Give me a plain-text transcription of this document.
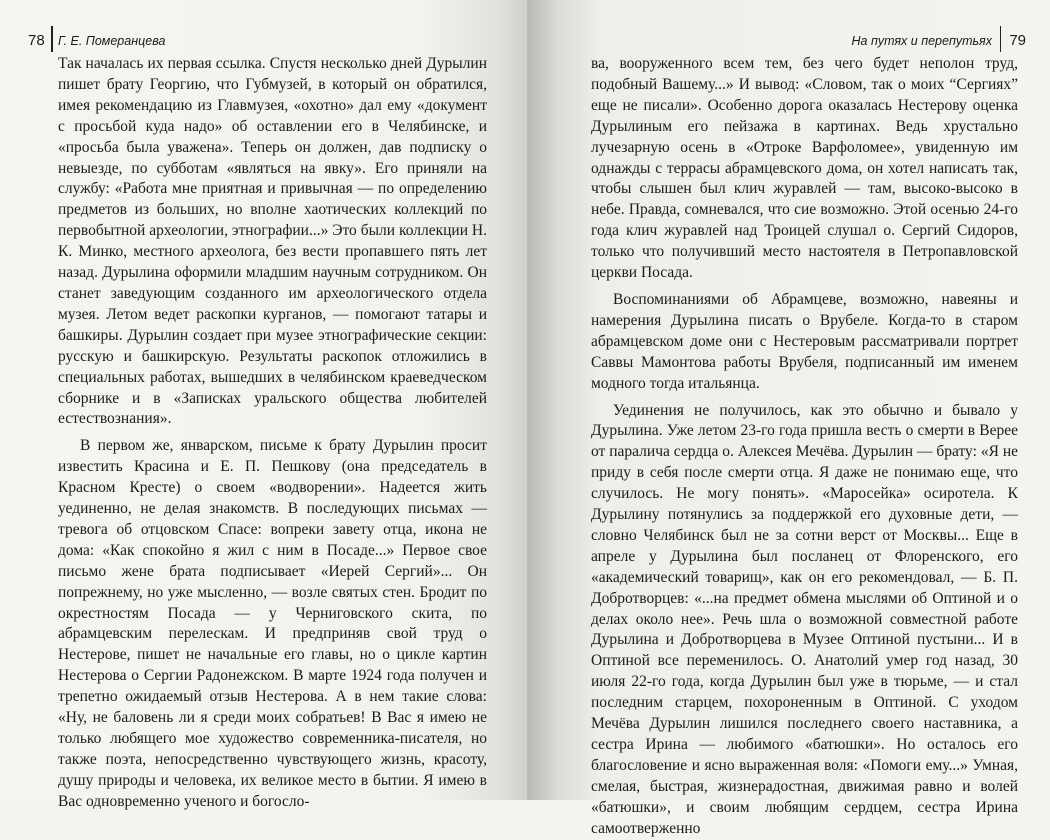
78 Г. Е. Померанцева

Так началась их первая ссылка. Спустя несколько дней Дурылин пишет брату Георгию, что Губмузей, в который он обратился, имея рекомендацию из Главмузея, «охотно» дал ему «документ с просьбой куда надо» об оставлении его в Челябинске, и «просьба была уважена». Теперь он должен, дав подписку о невыезде, по субботам «являться на явку». Его приняли на службу: «Работа мне приятная и привычная — по определению предметов из больших, но вполне хаотических коллекций по первобытной археологии, этнографии...» Это были коллекции Н. К. Минко, местного археолога, без вести пропавшего пять лет назад. Дурылина оформили младшим научным сотрудником. Он станет заведующим созданного им археологического отдела музея. Летом ведет раскопки курганов, — помогают татары и башкиры. Дурылин создает при музее этнографические секции: русскую и башкирскую. Результаты раскопок отложились в специальных работах, вышедших в челябинском краеведческом сборнике и в «Записках уральского общества любителей естествознания».

В первом же, январском, письме к брату Дурылин просит известить Красина и Е. П. Пешкову (она председатель в Красном Кресте) о своем «водворении». Надеется жить уединенно, не делая знакомств. В последующих письмах — тревога об отцовском Спасе: вопреки завету отца, икона не дома: «Как спокойно я жил с ним в Посаде...» Первое свое письмо жене брата подписывает «Иерей Сергий»... Он попрежнему, но уже мысленно, — возле святых стен. Бродит по окрестностям Посада — у Черниговского скита, по абрамцевским перелескам. И предприняв свой труд о Нестерове, пишет не начальные его главы, но о цикле картин Нестерова о Сергии Радонежском. В марте 1924 года получен и трепетно ожидаемый отзыв Нестерова. А в нем такие слова: «Ну, не баловень ли я среди моих собратьев! В Вас я имею не только любящего мое художество современника-писателя, но также поэта, непосредственно чувствующего жизнь, красоту, душу природы и человека, их великое место в бытии. Я имею в Вас одновременно ученого и богосло-

На путях и перепутьях 79

ва, вооруженного всем тем, без чего будет неполон труд, подобный Вашему...» И вывод: «Словом, так о моих “Сергиях” еще не писали». Особенно дорога оказалась Нестерову оценка Дурылиным его пейзажа в картинах. Ведь хрустально лучезарную осень в «Отроке Варфоломее», увиденную им однажды с террасы абрамцевского дома, он хотел написать так, чтобы слышен был клич журавлей — там, высоко-высоко в небе. Правда, сомневался, что сие возможно. Этой осенью 24-го года клич журавлей над Троицей слушал о. Сергий Сидоров, только что получивший место настоятеля в Петропавловской церкви Посада.

Воспоминаниями об Абрамцеве, возможно, навеяны и намерения Дурылина писать о Врубеле. Когда-то в старом абрамцевском доме они с Нестеровым рассматривали портрет Саввы Мамонтова работы Врубеля, подписанный им именем модного тогда итальянца.

Уединения не получилось, как это обычно и бывало у Дурылина. Уже летом 23-го года пришла весть о смерти в Верее от паралича сердца о. Алексея Мечёва. Дурылин — брату: «Я не приду в себя после смерти отца. Я даже не понимаю еще, что случилось. Не могу понять». «Маросейка» осиротела. К Дурылину потянулись за поддержкой его духовные дети, — словно Челябинск был не за сотни верст от Москвы... Еще в апреле у Дурылина был посланец от Флоренского, его «академический товарищ», как он его рекомендовал, — Б. П. Добротворцев: «...на предмет обмена мыслями об Оптиной и о делах около нее». Речь шла о возможной совместной работе Дурылина и Добротворцева в Музее Оптиной пустыни... И в Оптиной все переменилось. О. Анатолий умер год назад, 30 июля 22-го года, когда Дурылин был уже в тюрьме, — и стал последним старцем, похороненным в Оптиной. С уходом Мечёва Дурылин лишился последнего своего наставника, а сестра Ирина — любимого «батюшки». Но осталось его благословение и ясно выраженная воля: «Помоги ему...» Умная, смелая, быстрая, жизнерадостная, движимая равно и волей «батюшки», и своим любящим сердцем, сестра Ирина самоотверженно
